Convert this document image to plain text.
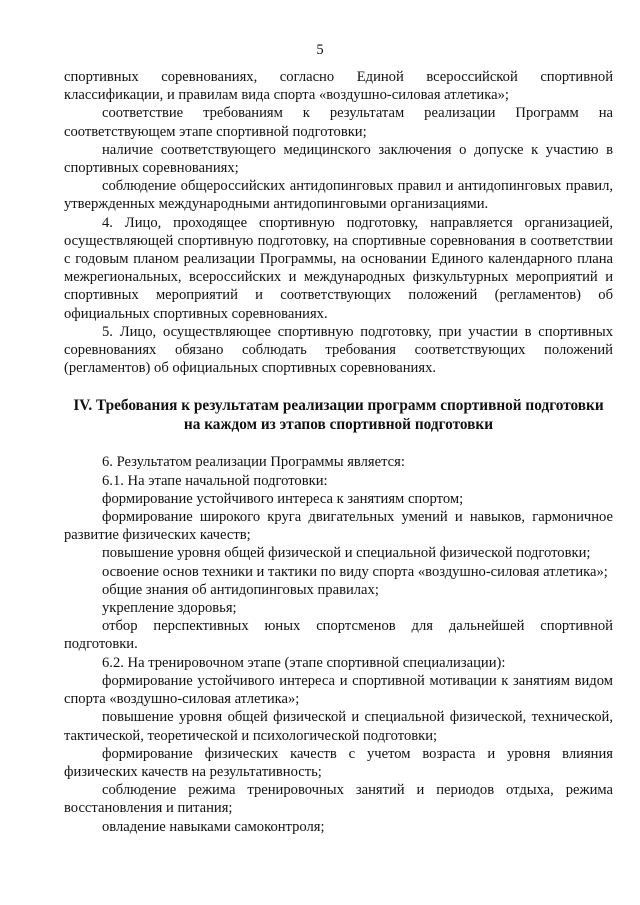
5

спортивных соревнованиях, согласно Единой всероссийской спортивной классификации, и правилам вида спорта «воздушно-силовая атлетика»;

соответствие требованиям к результатам реализации Программ на соответствующем этапе спортивной подготовки;

наличие соответствующего медицинского заключения о допуске к участию в спортивных соревнованиях;

соблюдение общероссийских антидопинговых правил и антидопинговых правил, утвержденных международными антидопинговыми организациями.

4. Лицо, проходящее спортивную подготовку, направляется организацией, осуществляющей спортивную подготовку, на спортивные соревнования в соответствии с годовым планом реализации Программы, на основании Единого календарного плана межрегиональных, всероссийских и международных физкультурных мероприятий и спортивных мероприятий и соответствующих положений (регламентов) об официальных спортивных соревнованиях.

5. Лицо, осуществляющее спортивную подготовку, при участии в спортивных соревнованиях обязано соблюдать требования соответствующих положений (регламентов) об официальных спортивных соревнованиях.

IV. Требования к результатам реализации программ спортивной подготовки на каждом из этапов спортивной подготовки

6. Результатом реализации Программы является:

6.1. На этапе начальной подготовки:

формирование устойчивого интереса к занятиям спортом;

формирование широкого круга двигательных умений и навыков, гармоничное развитие физических качеств;

повышение уровня общей физической и специальной физической подготовки;

освоение основ техники и тактики по виду спорта «воздушно-силовая атлетика»;

общие знания об антидопинговых правилах;

укрепление здоровья;

отбор перспективных юных спортсменов для дальнейшей спортивной подготовки.

6.2. На тренировочном этапе (этапе спортивной специализации):

формирование устойчивого интереса и спортивной мотивации к занятиям видом спорта «воздушно-силовая атлетика»;

повышение уровня общей физической и специальной физической, технической, тактической, теоретической и психологической подготовки;

формирование физических качеств с учетом возраста и уровня влияния физических качеств на результативность;

соблюдение режима тренировочных занятий и периодов отдыха, режима восстановления и питания;

овладение навыками самоконтроля;
